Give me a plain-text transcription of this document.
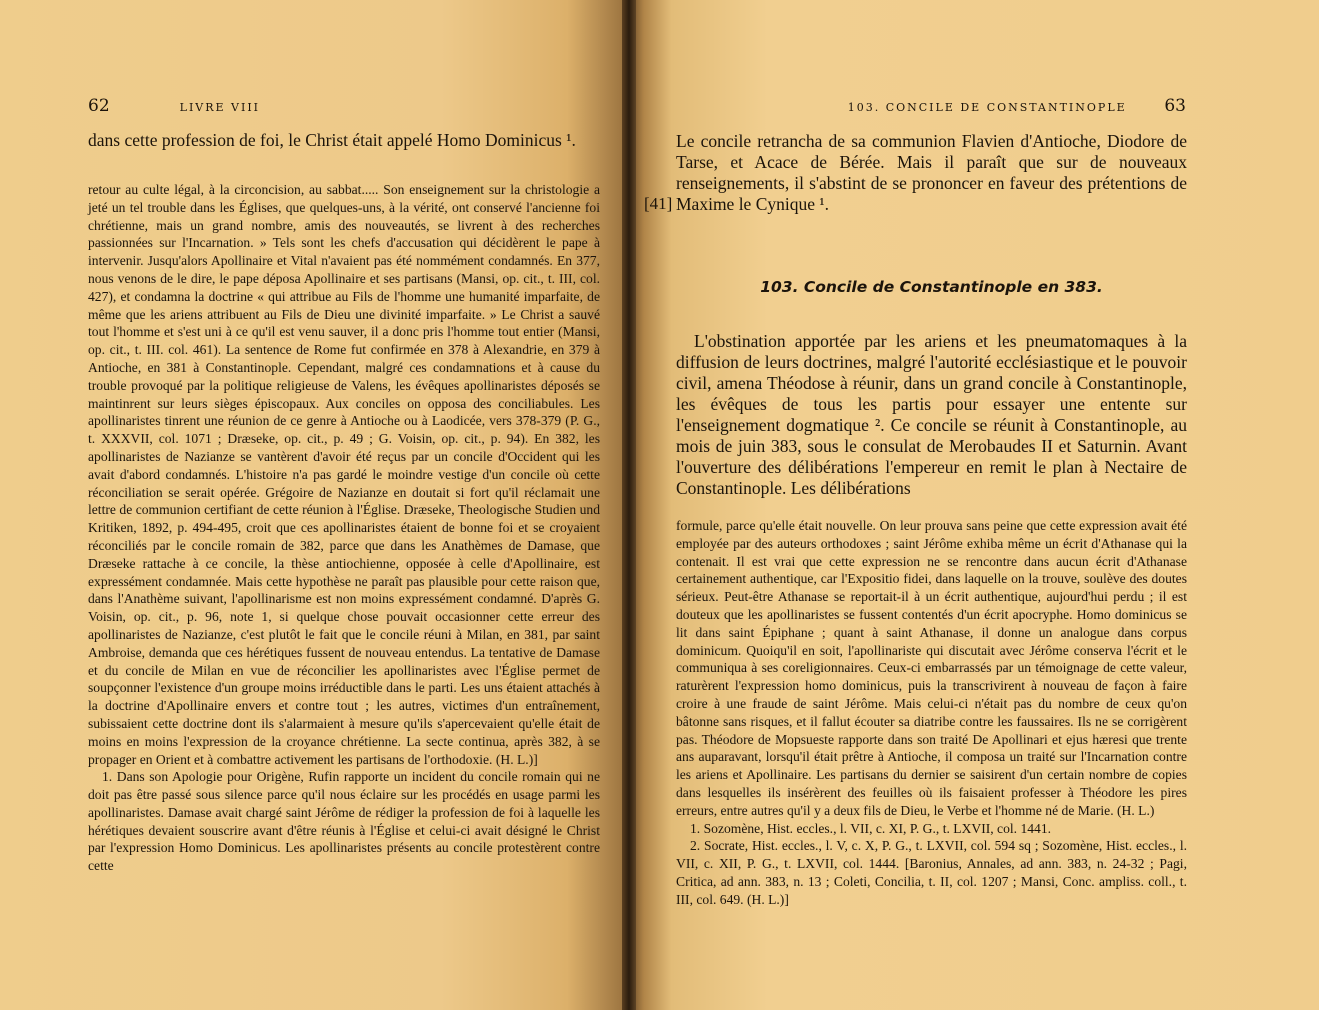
62	LIVRE VIII

dans cette profession de foi, le Christ était appelé Homo Dominicus ¹.

retour au culte légal, à la circoncision, au sabbat..... Son enseignement sur la christologie a jeté un tel trouble dans les Églises, que quelques-uns, à la vérité, ont conservé l'ancienne foi chrétienne, mais un grand nombre, amis des nouveautés, se livrent à des recherches passionnées sur l'Incarnation. » Tels sont les chefs d'accusation qui décidèrent le pape à intervenir. Jusqu'alors Apollinaire et Vital n'avaient pas été nommément condamnés. En 377, nous venons de le dire, le pape déposa Apollinaire et ses partisans (Mansi, op. cit., t. III, col. 427), et condamna la doctrine « qui attribue au Fils de l'homme une humanité imparfaite, de même que les ariens attribuent au Fils de Dieu une divinité imparfaite. » Le Christ a sauvé tout l'homme et s'est uni à ce qu'il est venu sauver, il a donc pris l'homme tout entier (Mansi, op. cit., t. III. col. 461). La sentence de Rome fut confirmée en 378 à Alexandrie, en 379 à Antioche, en 381 à Constantinople. Cependant, malgré ces condamnations et à cause du trouble provoqué par la politique religieuse de Valens, les évêques apollinaristes déposés se maintinrent sur leurs sièges épiscopaux. Aux conciles on opposa des conciliabules. Les apollinaristes tinrent une réunion de ce genre à Antioche ou à Laodicée, vers 378-379 (P. G., t. XXXVII, col. 1071 ; Dræseke, op. cit., p. 49 ; G. Voisin, op. cit., p. 94). En 382, les apollinaristes de Nazianze se vantèrent d'avoir été reçus par un concile d'Occident qui les avait d'abord condamnés. L'histoire n'a pas gardé le moindre vestige d'un concile où cette réconciliation se serait opérée. Grégoire de Nazianze en doutait si fort qu'il réclamait une lettre de communion certifiant de cette réunion à l'Église. Dræseke, Theologische Studien und Kritiken, 1892, p. 494-495, croit que ces apollinaristes étaient de bonne foi et se croyaient réconciliés par le concile romain de 382, parce que dans les Anathèmes de Damase, que Dræseke rattache à ce concile, la thèse antiochienne, opposée à celle d'Apollinaire, est expressément condamnée. Mais cette hypothèse ne paraît pas plausible pour cette raison que, dans l'Anathème suivant, l'apollinarisme est non moins expressément condamné. D'après G. Voisin, op. cit., p. 96, note 1, si quelque chose pouvait occasionner cette erreur des apollinaristes de Nazianze, c'est plutôt le fait que le concile réuni à Milan, en 381, par saint Ambroise, demanda que ces hérétiques fussent de nouveau entendus. La tentative de Damase et du concile de Milan en vue de réconcilier les apollinaristes avec l'Église permet de soupçonner l'existence d'un groupe moins irréductible dans le parti. Les uns étaient attachés à la doctrine d'Apollinaire envers et contre tout ; les autres, victimes d'un entraînement, subissaient cette doctrine dont ils s'alarmaient à mesure qu'ils s'apercevaient qu'elle était de moins en moins l'expression de la croyance chrétienne. La secte continua, après 382, à se propager en Orient et à combattre activement les partisans de l'orthodoxie. (H. L.)]

1. Dans son Apologie pour Origène, Rufin rapporte un incident du concile romain qui ne doit pas être passé sous silence parce qu'il nous éclaire sur les procédés en usage parmi les apollinaristes. Damase avait chargé saint Jérôme de rédiger la profession de foi à laquelle les hérétiques devaient souscrire avant d'être réunis à l'Église et celui-ci avait désigné le Christ par l'expression Homo Dominicus. Les apollinaristes présents au concile protestèrent contre cette

103. CONCILE DE CONSTANTINOPLE	63

Le concile retrancha de sa communion Flavien d'Antioche, Diodore de Tarse, et Acace de Bérée. Mais il paraît que sur de nouveaux renseignements, il s'abstint de se prononcer en faveur des prétentions de Maxime le Cynique ¹.

[41]
103. Concile de Constantinople en 383.

L'obstination apportée par les ariens et les pneumatomaques à la diffusion de leurs doctrines, malgré l'autorité ecclésiastique et le pouvoir civil, amena Théodose à réunir, dans un grand concile à Constantinople, les évêques de tous les partis pour essayer une entente sur l'enseignement dogmatique ². Ce concile se réunit à Constantinople, au mois de juin 383, sous le consulat de Merobaudes II et Saturnin. Avant l'ouverture des délibérations l'empereur en remit le plan à Nectaire de Constantinople. Les délibérations

formule, parce qu'elle était nouvelle. On leur prouva sans peine que cette expression avait été employée par des auteurs orthodoxes ; saint Jérôme exhiba même un écrit d'Athanase qui la contenait. Il est vrai que cette expression ne se rencontre dans aucun écrit d'Athanase certainement authentique, car l'Expositio fidei, dans laquelle on la trouve, soulève des doutes sérieux. Peut-être Athanase se reportait-il à un écrit authentique, aujourd'hui perdu ; il est douteux que les apollinaristes se fussent contentés d'un écrit apocryphe. Homo dominicus se lit dans saint Épiphane ; quant à saint Athanase, il donne un analogue dans corpus dominicum. Quoiqu'il en soit, l'apollinariste qui discutait avec Jérôme conserva l'écrit et le communiqua à ses coreligionnaires. Ceux-ci embarrassés par un témoignage de cette valeur, raturèrent l'expression homo dominicus, puis la transcrivirent à nouveau de façon à faire croire à une fraude de saint Jérôme. Mais celui-ci n'était pas du nombre de ceux qu'on bâtonne sans risques, et il fallut écouter sa diatribe contre les faussaires. Ils ne se corrigèrent pas. Théodore de Mopsueste rapporte dans son traité De Apollinari et ejus hæresi que trente ans auparavant, lorsqu'il était prêtre à Antioche, il composa un traité sur l'Incarnation contre les ariens et Apollinaire. Les partisans du dernier se saisirent d'un certain nombre de copies dans lesquelles ils insérèrent des feuilles où ils faisaient professer à Théodore les pires erreurs, entre autres qu'il y a deux fils de Dieu, le Verbe et l'homme né de Marie. (H. L.)

1. Sozomène, Hist. eccles., l. VII, c. XI, P. G., t. LXVII, col. 1441.

2. Socrate, Hist. eccles., l. V, c. X, P. G., t. LXVII, col. 594 sq ; Sozomène, Hist. eccles., l. VII, c. XII, P. G., t. LXVII, col. 1444. [Baronius, Annales, ad ann. 383, n. 24-32 ; Pagi, Critica, ad ann. 383, n. 13 ; Coleti, Concilia, t. II, col. 1207 ; Mansi, Conc. ampliss. coll., t. III, col. 649. (H. L.)]
